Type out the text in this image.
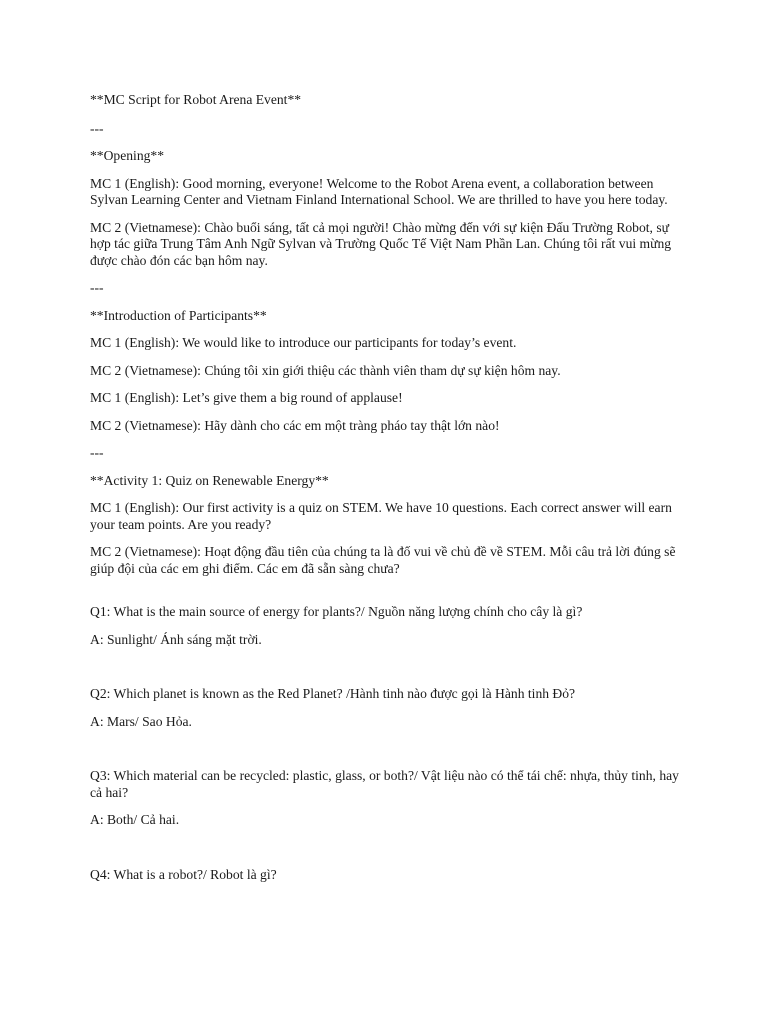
**MC Script for Robot Arena Event**

---

**Opening**

MC 1 (English): Good morning, everyone! Welcome to the Robot Arena event, a collaboration between Sylvan Learning Center and Vietnam Finland International School. We are thrilled to have you here today.

MC 2 (Vietnamese): Chào buổi sáng, tất cả mọi người! Chào mừng đến với sự kiện Đấu Trường Robot, sự hợp tác giữa Trung Tâm Anh Ngữ Sylvan và Trường Quốc Tế Việt Nam Phần Lan. Chúng tôi rất vui mừng được chào đón các bạn hôm nay.

---

**Introduction of Participants**

MC 1 (English): We would like to introduce our participants for today’s event.

MC 2 (Vietnamese): Chúng tôi xin giới thiệu các thành viên tham dự sự kiện hôm nay.

MC 1 (English): Let’s give them a big round of applause!

MC 2 (Vietnamese): Hãy dành cho các em một tràng pháo tay thật lớn nào!

---

**Activity 1: Quiz on Renewable Energy**

MC 1 (English): Our first activity is a quiz on STEM. We have 10 questions. Each correct answer will earn your team points. Are you ready?

MC 2 (Vietnamese): Hoạt động đầu tiên của chúng ta là đố vui về chủ đề về STEM. Mỗi câu trả lời đúng sẽ giúp đội của các em ghi điểm. Các em đã sẵn sàng chưa?

Q1: What is the main source of energy for plants?/ Nguồn năng lượng chính cho cây là gì?

A: Sunlight/ Ánh sáng mặt trời.

Q2: Which planet is known as the Red Planet? /Hành tinh nào được gọi là Hành tinh Đỏ?

A: Mars/ Sao Hỏa.

Q3: Which material can be recycled: plastic, glass, or both?/ Vật liệu nào có thể tái chế: nhựa, thủy tinh, hay cả hai?

A: Both/ Cả hai.

Q4: What is a robot?/ Robot là gì?
